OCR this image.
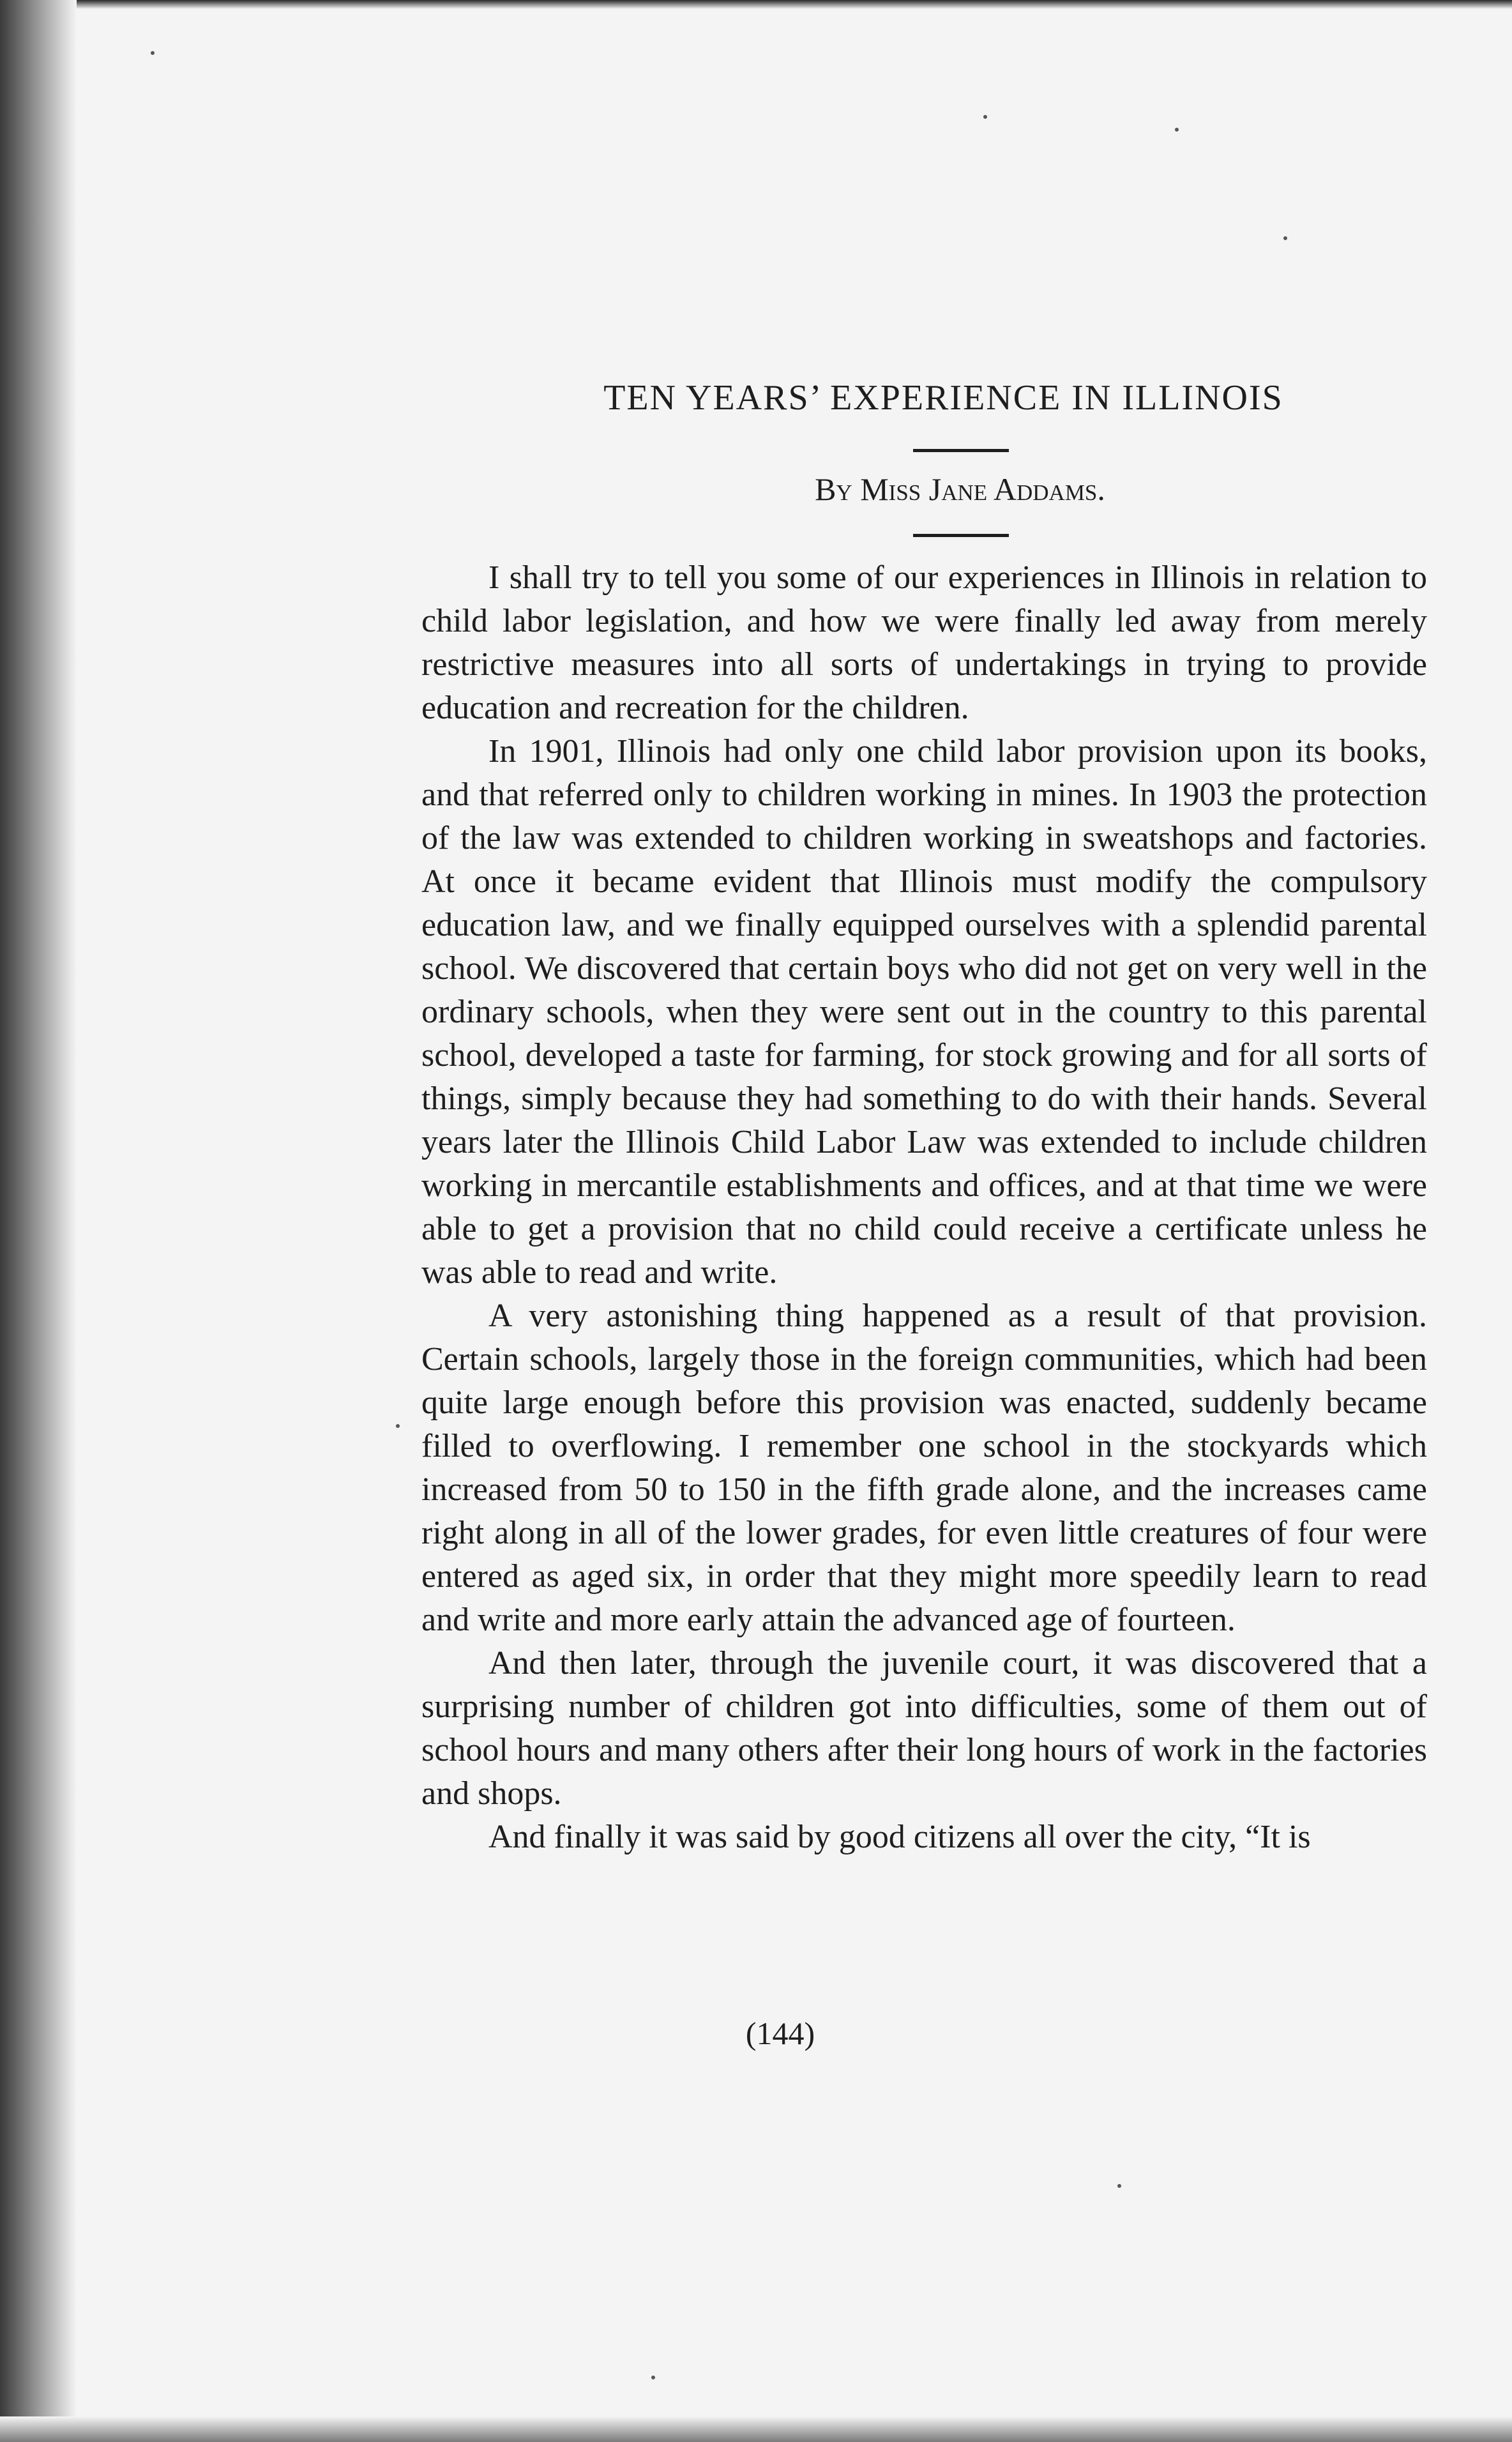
TEN YEARS’ EXPERIENCE IN ILLINOIS
By Miss Jane Addams.

I shall try to tell you some of our experiences in Illinois in relation to child labor legislation, and how we were finally led away from merely restrictive measures into all sorts of undertakings in trying to provide education and recreation for the children.

In 1901, Illinois had only one child labor provision upon its books, and that referred only to children working in mines. In 1903 the protection of the law was extended to children working in sweatshops and factories. At once it became evident that Illinois must modify the compulsory education law, and we finally equipped ourselves with a splendid parental school. We discovered that certain boys who did not get on very well in the ordinary schools, when they were sent out in the country to this parental school, developed a taste for farming, for stock growing and for all sorts of things, simply because they had something to do with their hands. Several years later the Illinois Child Labor Law was extended to include children working in mercantile establishments and offices, and at that time we were able to get a provision that no child could receive a certificate unless he was able to read and write.

A very astonishing thing happened as a result of that provision. Certain schools, largely those in the foreign communities, which had been quite large enough before this provision was enacted, suddenly became filled to overflowing. I remember one school in the stockyards which increased from 50 to 150 in the fifth grade alone, and the increases came right along in all of the lower grades, for even little creatures of four were entered as aged six, in order that they might more speedily learn to read and write and more early attain the advanced age of fourteen.

And then later, through the juvenile court, it was discovered that a surprising number of children got into difficulties, some of them out of school hours and many others after their long hours of work in the factories and shops.

And finally it was said by good citizens all over the city, “It is

(144)
